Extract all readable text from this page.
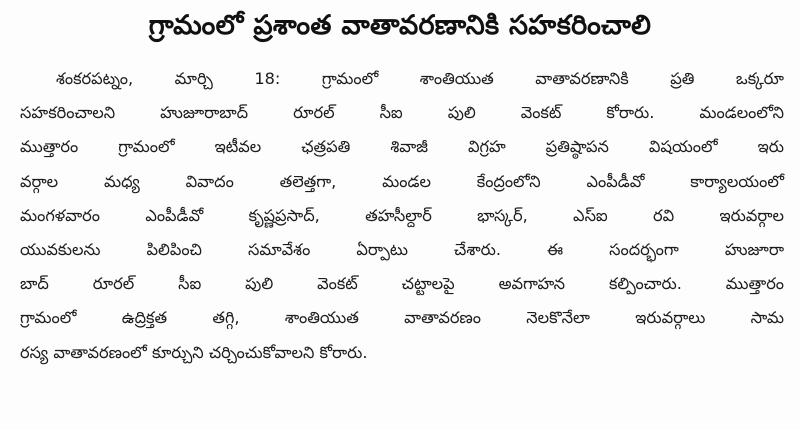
గ్రామంలో ప్రశాంత వాతావరణానికి సహకరించాలి
శంకరపట్నం, మార్చి 18: గ్రామంలో శాంతియుత వాతావరణానికి ప్రతి ఒక్కరూ
సహకరించాలని హుజూరాబాద్ రూరల్ సీఐ పులి వెంకట్ కోరారు. మండలంలోని
ముత్తారం గ్రామంలో ఇటీవల ఛత్రపతి శివాజీ విగ్రహ ప్రతిష్ఠాపన విషయంలో ఇరు
వర్గాల మధ్య వివాదం తలెత్తగా, మండల కేంద్రంలోని ఎంపీడీవో కార్యాలయంలో
మంగళవారం ఎంపీడీవో కృష్ణప్రసాద్, తహసీల్దార్ భాస్కర్, ఎస్ఐ రవి ఇరువర్గాల
యువకులను పిలిపించి సమావేశం ఏర్పాటు చేశారు. ఈ సందర్భంగా హుజూరా
బాద్ రూరల్ సీఐ పులి వెంకట్ చట్టాలపై అవగాహన కల్పించారు. ముత్తారం
గ్రామంలో ఉద్రిక్తత తగ్గి, శాంతియుత వాతావరణం నెలకొనేలా ఇరువర్గాలు సామ
రస్య వాతావరణంలో కూర్చుని చర్చించుకోవాలని కోరారు.
